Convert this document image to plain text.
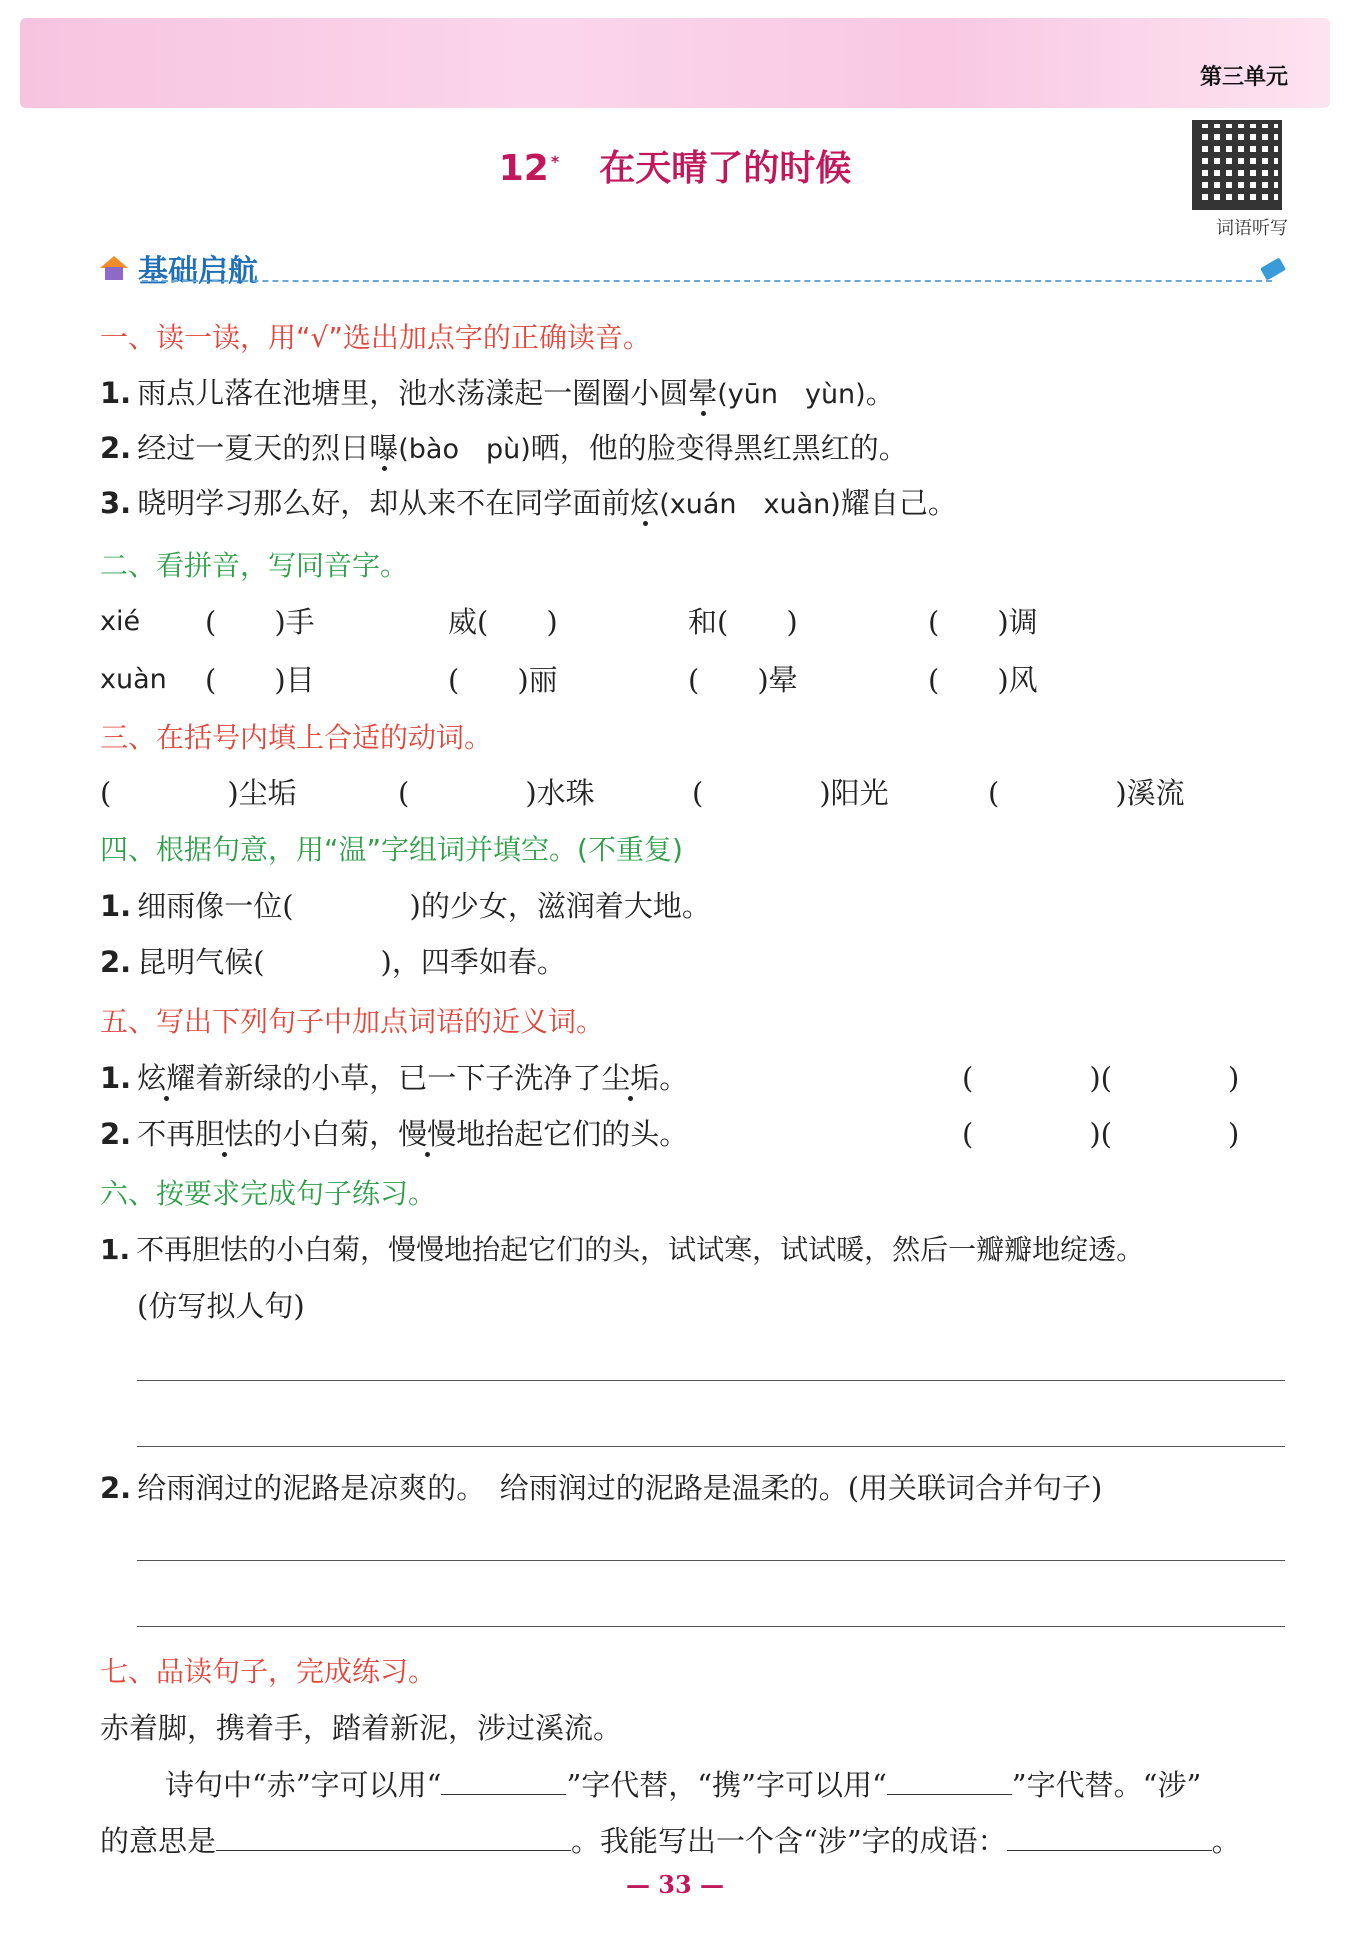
第三单元
12 * 在天晴了的时候
词语听写
基础启航
一、读一读，用“√”选出加点字的正确读音。
1. 雨点儿落在池塘里，池水荡漾起一圈圈小圆晕(yūn　yùn)。
2. 经过一夏天的烈日曝(bào　pù)晒，他的脸变得黑红黑红的。
3. 晓明学习那么好，却从来不在同学面前炫(xuán　xuàn)耀自己。
二、看拼音，写同音字。
xié (　　)手	威(　　)	和(　　)	(　　)调
xuàn (　　)目	(　　)丽	(　　)晕	(　　)风
三、在括号内填上合适的动词。
(　　　　)尘垢	(　　　　)水珠	(　　　　)阳光	(　　　　)溪流
四、根据句意，用“温”字组词并填空。(不重复)
1. 细雨像一位(　　　　)的少女，滋润着大地。
2. 昆明气候(　　　　)，四季如春。
五、写出下列句子中加点词语的近义词。
1. 炫耀着新绿的小草，已一下子洗净了尘垢。	(　　　　)(　　　　)
2. 不再胆怯的小白菊，慢慢地抬起它们的头。	(　　　　)(　　　　)
六、按要求完成句子练习。
1. 不再胆怯的小白菊，慢慢地抬起它们的头，试试寒，试试暖，然后一瓣瓣地绽透。
(仿写拟人句)
2. 给雨润过的泥路是凉爽的。　给雨润过的泥路是温柔的。(用关联词合并句子)
七、品读句子，完成练习。
赤着脚，携着手，踏着新泥，涉过溪流。
诗句中“赤”字可以用“	”字代替，“携”字可以用“	”字代替。“涉”
的意思是	。我能写出一个含“涉”字的成语：	。
— 33 —
